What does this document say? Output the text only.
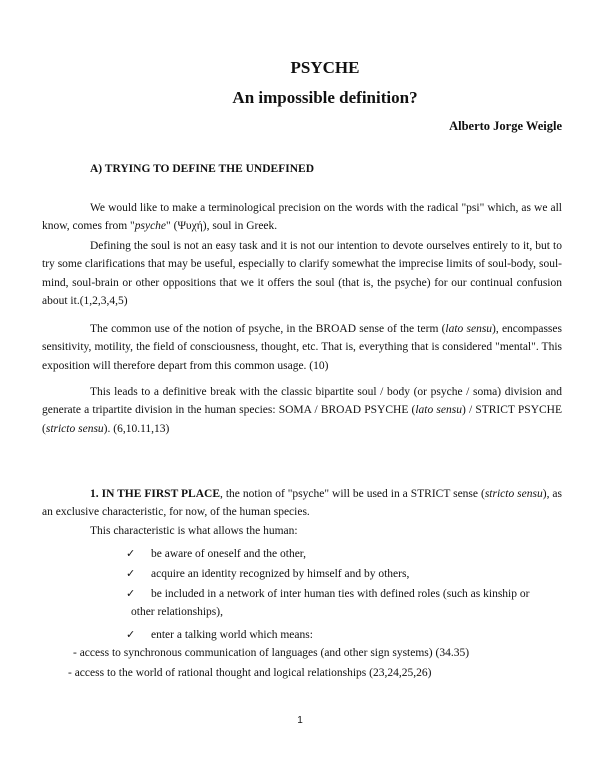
PSYCHE
An impossible definition?
Alberto Jorge Weigle
A) TRYING TO DEFINE THE UNDEFINED
We would like to make a terminological precision on the words with the radical "psi" which, as we all know, comes from "psyche" (Ψυχή), soul in Greek.
Defining the soul is not an easy task and it is not our intention to devote ourselves entirely to it, but to try some clarifications that may be useful, especially to clarify somewhat the imprecise limits of soul-body, soul-mind, soul-brain or other oppositions that we it offers the soul (that is, the psyche) for our continual confusion about it.(1,2,3,4,5)
The common use of the notion of psyche, in the BROAD sense of the term (lato sensu), encompasses sensitivity, motility, the field of consciousness, thought, etc. That is, everything that is considered "mental". This exposition will therefore depart from this common usage. (10)
This leads to a definitive break with the classic bipartite soul / body (or psyche / soma) division and generate a tripartite division in the human species: SOMA / BROAD PSYCHE (lato sensu) / STRICT PSYCHE (stricto sensu). (6,10.11,13)
1. IN THE FIRST PLACE, the notion of "psyche" will be used in a STRICT sense (stricto sensu), as an exclusive characteristic, for now, of the human species.
This characteristic is what allows the human:
✓	be aware of oneself and the other,
✓	acquire an identity recognized by himself and by others,
✓	be included in a network of inter human ties with defined roles (such as kinship or
other relationships),
✓	enter a talking world which means:
- access to synchronous communication of languages (and other sign systems) (34.35)
- access to the world of rational thought and logical relationships (23,24,25,26)
1
